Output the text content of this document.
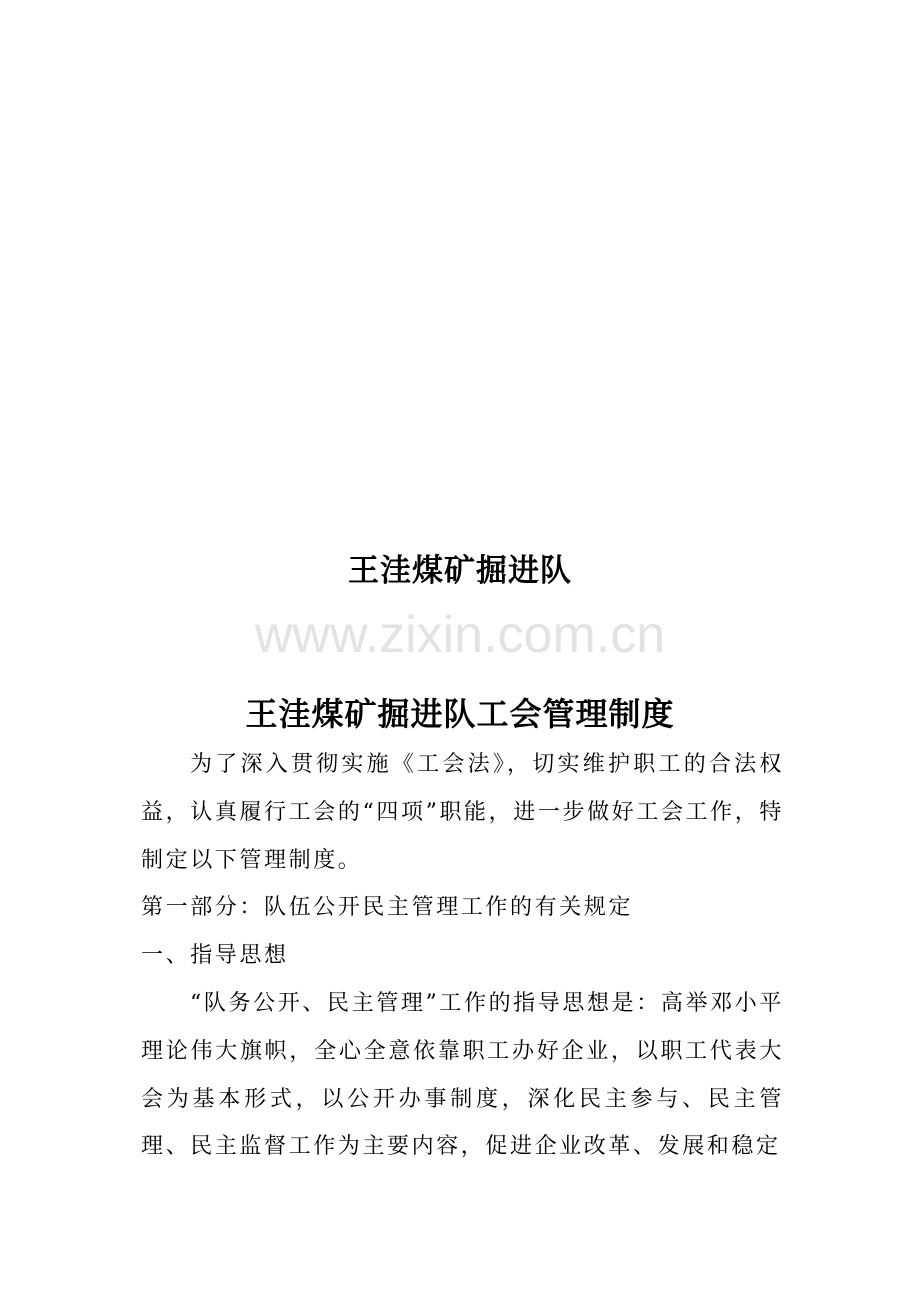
王洼煤矿掘进队
www.zixin.com.cn
王洼煤矿掘进队工会管理制度

为了深入贯彻实施《工会法》，切实维护职工的合法权益，认真履行工会的“四项”职能，进一步做好工会工作，特制定以下管理制度。

第一部分：队伍公开民主管理工作的有关规定

一、指导思想

“队务公开、民主管理”工作的指导思想是：高举邓小平理论伟大旗帜，全心全意依靠职工办好企业，以职工代表大会为基本形式，以公开办事制度，深化民主参与、民主管理、民主监督工作为主要内容，促进企业改革、发展和稳定
